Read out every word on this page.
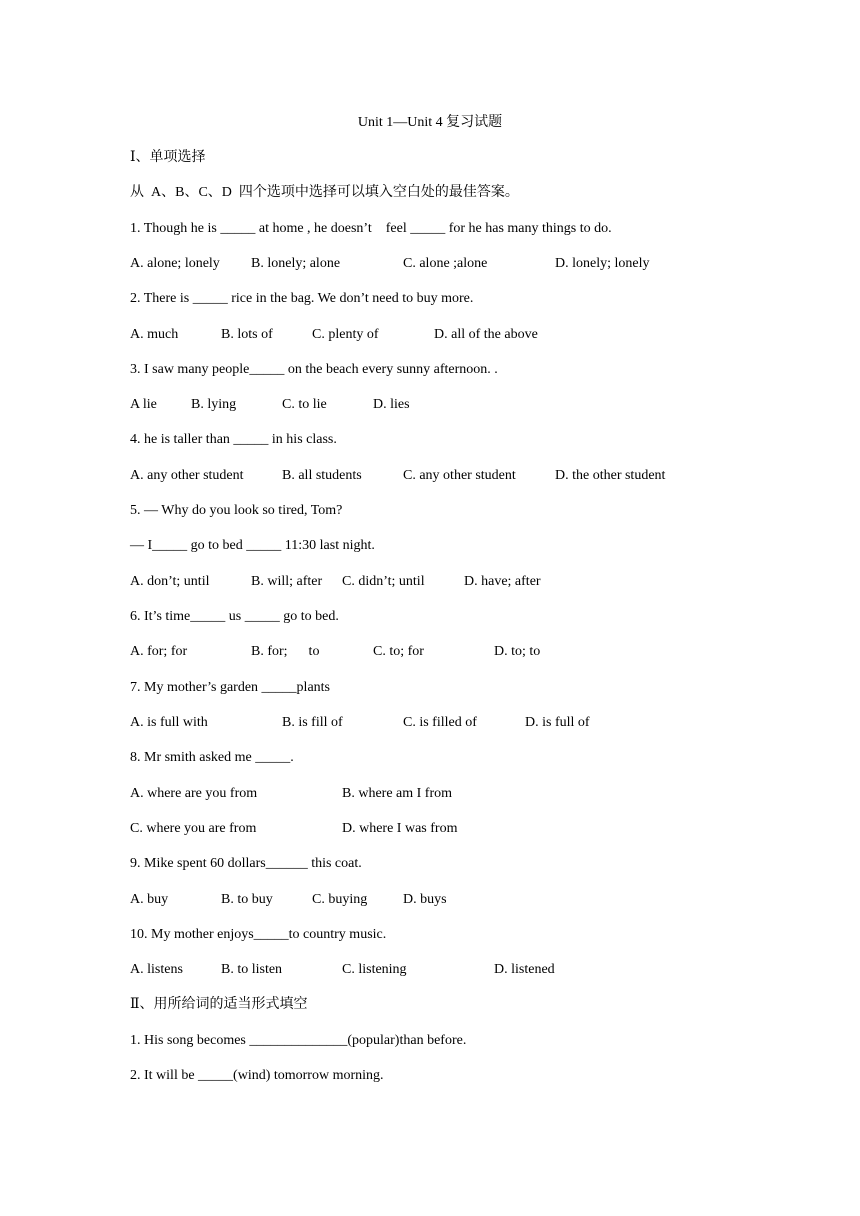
Unit 1—Unit 4 复习试题
Ⅰ、单项选择
从  A、B、C、D  四个选项中选择可以填入空白处的最佳答案。
1. Though he is _____ at home , he doesn’t    feel _____ for he has many things to do.

A. alone; lonely

B. lonely; alone

	C. alone ;alone

	D. lonely; lonely

2. There is _____ rice in the bag. We don’t need to buy more.

A. much

	B. lots of

	C. plenty of

	D. all of the above

3. I saw many people_____ on the beach every sunny afternoon. .

A lie

B. lying

	C. to lie

	D. lies

4. he is taller than _____ in his class.

A. any other student

	B. all students

	C. any other student

	D. the other student

5. — Why do you look so tired, Tom?
— I_____ go to bed _____ 11:30 last night.

A. don’t; until

	B. will; after

C. didn’t; until

	D. have; after

6. It’s time_____ us _____ go to bed.

A. for; for

	B. for;      to

	C. to; for

	D. to; to

7. My mother’s garden _____plants

A. is full with

	B. is fill of

	C. is filled of

	D. is full of

8. Mr smith asked me _____.

A. where are you from

	B. where am I from

C. where you are from

	D. where I was from

9. Mike spent 60 dollars______ this coat.

A. buy

	B. to buy

	C. buying

	D. buys

10. My mother enjoys_____to country music.

A. listens

	B. to listen

	C. listening

	D. listened

Ⅱ、用所给词的适当形式填空
1. His song becomes ______________(popular)than before.
2. It will be _____(wind) tomorrow morning.
